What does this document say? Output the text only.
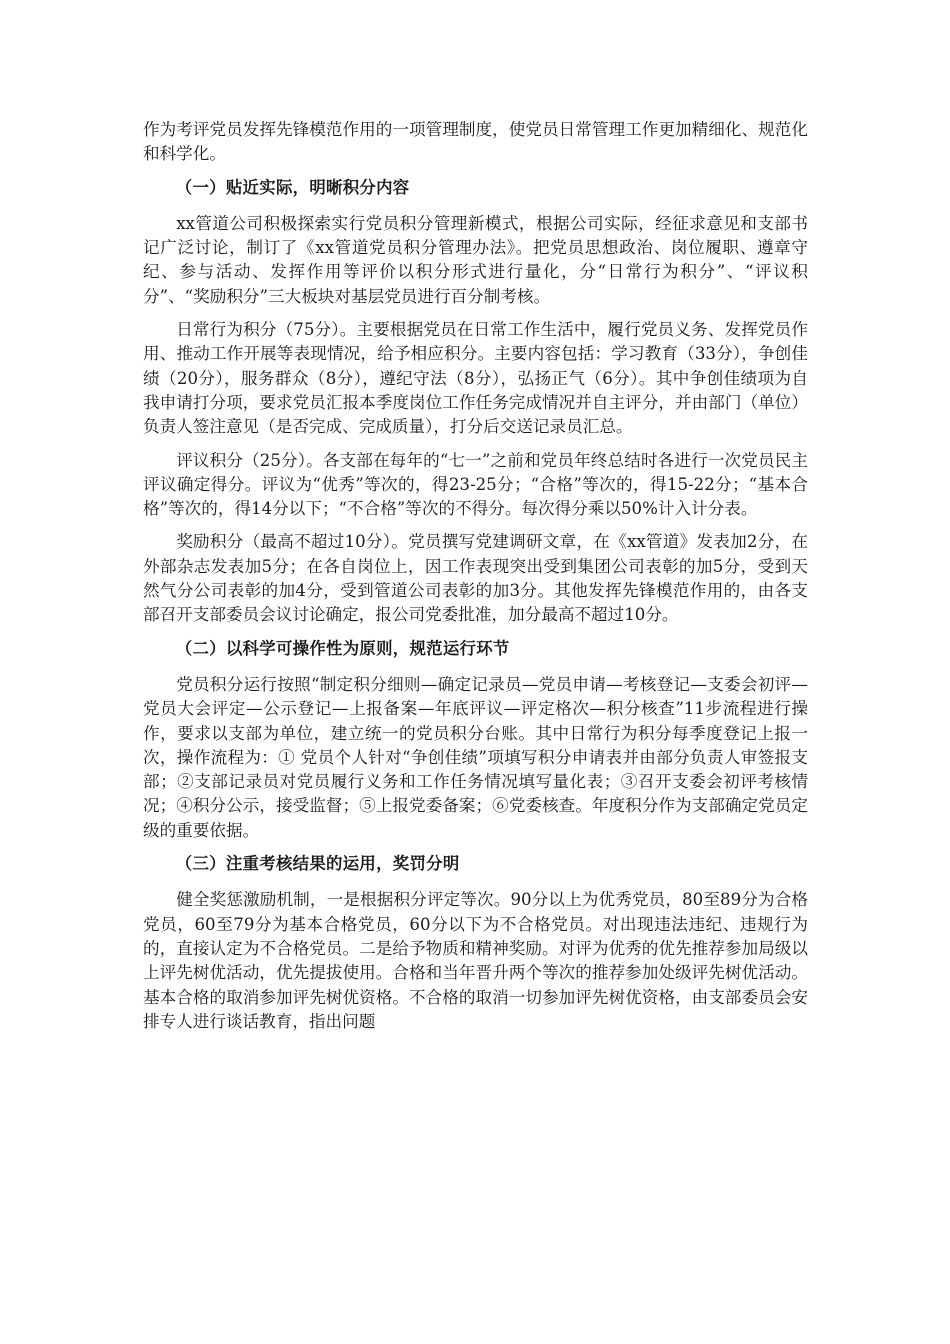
作为考评党员发挥先锋模范作用的一项管理制度，使党员日常管理工作更加精细化、规范化和科学化。

（一）贴近实际，明晰积分内容

xx管道公司积极探索实行党员积分管理新模式，根据公司实际，经征求意见和支部书记广泛讨论，制订了《xx管道党员积分管理办法》。把党员思想政治、岗位履职、遵章守纪、参与活动、发挥作用等评价以积分形式进行量化，分“日常行为积分”、“评议积分”、“奖励积分”三大板块对基层党员进行百分制考核。

日常行为积分（75分）。主要根据党员在日常工作生活中，履行党员义务、发挥党员作用、推动工作开展等表现情况，给予相应积分。主要内容包括：学习教育（33分），争创佳绩（20分），服务群众（8分），遵纪守法（8分），弘扬正气（6分）。其中争创佳绩项为自我申请打分项，要求党员汇报本季度岗位工作任务完成情况并自主评分，并由部门（单位）负责人签注意见（是否完成、完成质量），打分后交送记录员汇总。

评议积分（25分）。各支部在每年的“七一”之前和党员年终总结时各进行一次党员民主评议确定得分。评议为“优秀”等次的，得23-25分；“合格”等次的，得15-22分；“基本合格”等次的，得14分以下；“不合格”等次的不得分。每次得分乘以50%计入计分表。

奖励积分（最高不超过10分）。党员撰写党建调研文章，在《xx管道》发表加2分，在外部杂志发表加5分；在各自岗位上，因工作表现突出受到集团公司表彰的加5分，受到天然气分公司表彰的加4分，受到管道公司表彰的加3分。其他发挥先锋模范作用的，由各支部召开支部委员会议讨论确定，报公司党委批准，加分最高不超过10分。

（二）以科学可操作性为原则，规范运行环节

党员积分运行按照“制定积分细则—确定记录员—党员申请—考核登记—支委会初评—党员大会评定—公示登记—上报备案—年底评议—评定格次—积分核查”11步流程进行操作，要求以支部为单位，建立统一的党员积分台账。其中日常行为积分每季度登记上报一次，操作流程为：① 党员个人针对“争创佳绩”项填写积分申请表并由部分负责人审签报支部；②支部记录员对党员履行义务和工作任务情况填写量化表；③召开支委会初评考核情况；④积分公示，接受监督；⑤上报党委备案；⑥党委核查。年度积分作为支部确定党员定级的重要依据。

（三）注重考核结果的运用，奖罚分明

健全奖惩激励机制，一是根据积分评定等次。90分以上为优秀党员，80至89分为合格党员，60至79分为基本合格党员，60分以下为不合格党员。对出现违法违纪、违规行为的，直接认定为不合格党员。二是给予物质和精神奖励。对评为优秀的优先推荐参加局级以上评先树优活动，优先提拔使用。合格和当年晋升两个等次的推荐参加处级评先树优活动。基本合格的取消参加评先树优资格。不合格的取消一切参加评先树优资格，由支部委员会安排专人进行谈话教育，指出问题
